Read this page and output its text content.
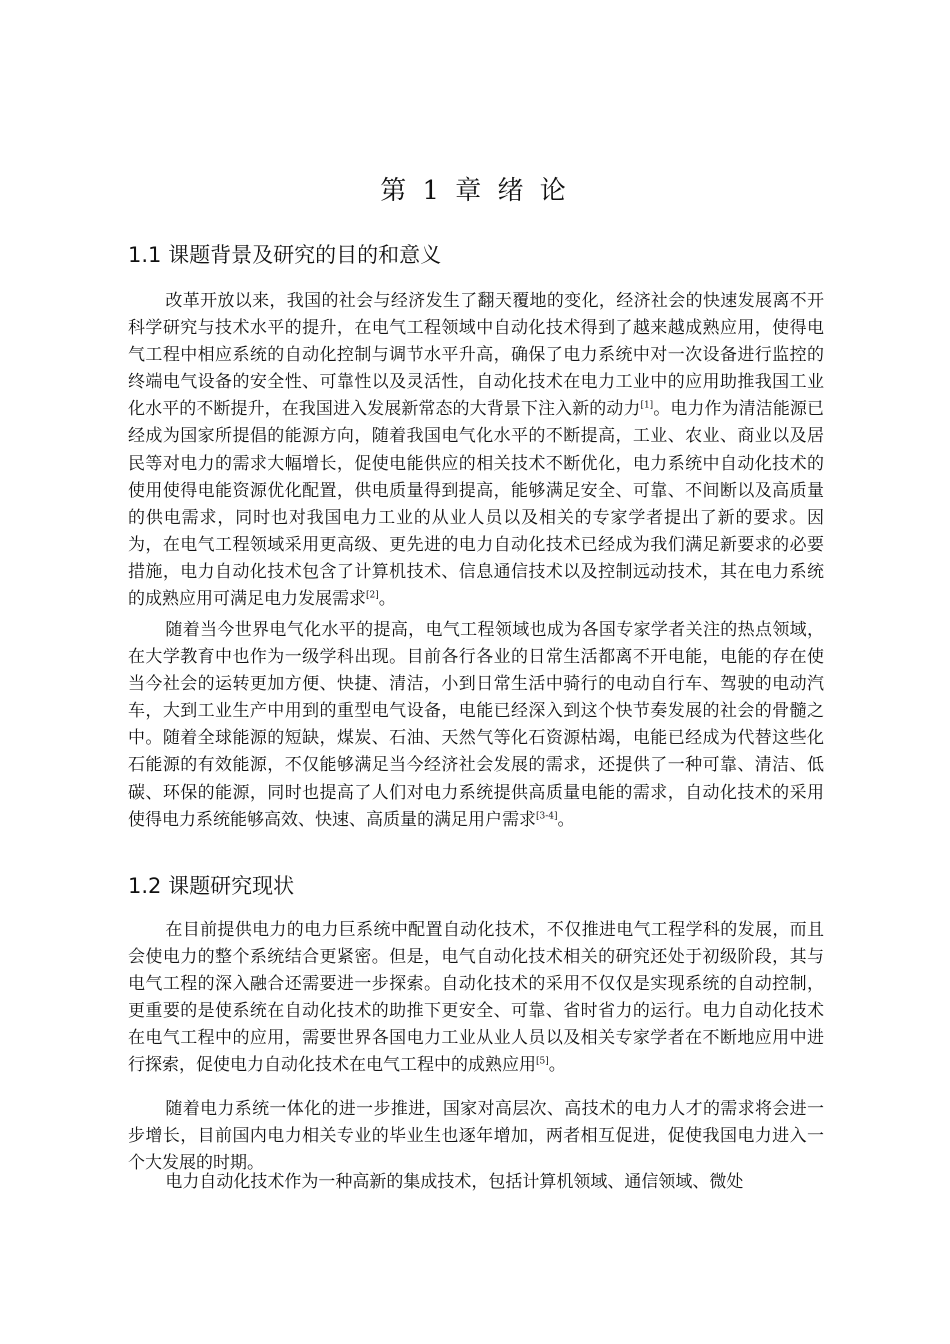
第 1 章 绪 论
1.1 课题背景及研究的目的和意义

改革开放以来，我国的社会与经济发生了翻天覆地的变化，经济社会的快速发展离不开科学研究与技术水平的提升，在电气工程领域中自动化技术得到了越来越成熟应用，使得电气工程中相应系统的自动化控制与调节水平升高，确保了电力系统中对一次设备进行监控的终端电气设备的安全性、可靠性以及灵活性，自动化技术在电力工业中的应用助推我国工业化水平的不断提升，在我国进入发展新常态的大背景下注入新的动力[1]。电力作为清洁能源已经成为国家所提倡的能源方向，随着我国电气化水平的不断提高，工业、农业、商业以及居民等对电力的需求大幅增长，促使电能供应的相关技术不断优化，电力系统中自动化技术的使用使得电能资源优化配置，供电质量得到提高，能够满足安全、可靠、不间断以及高质量的供电需求，同时也对我国电力工业的从业人员以及相关的专家学者提出了新的要求。因为，在电气工程领域采用更高级、更先进的电力自动化技术已经成为我们满足新要求的必要措施，电力自动化技术包含了计算机技术、信息通信技术以及控制远动技术，其在电力系统的成熟应用可满足电力发展需求[2]。

随着当今世界电气化水平的提高，电气工程领域也成为各国专家学者关注的热点领域，在大学教育中也作为一级学科出现。目前各行各业的日常生活都离不开电能，电能的存在使当今社会的运转更加方便、快捷、清洁，小到日常生活中骑行的电动自行车、驾驶的电动汽车，大到工业生产中用到的重型电气设备，电能已经深入到这个快节奏发展的社会的骨髓之中。随着全球能源的短缺，煤炭、石油、天然气等化石资源枯竭，电能已经成为代替这些化石能源的有效能源，不仅能够满足当今经济社会发展的需求，还提供了一种可靠、清洁、低碳、环保的能源，同时也提高了人们对电力系统提供高质量电能的需求，自动化技术的采用使得电力系统能够高效、快速、高质量的满足用户需求[3-4]。

1.2 课题研究现状

在目前提供电力的电力巨系统中配置自动化技术，不仅推进电气工程学科的发展，而且会使电力的整个系统结合更紧密。但是，电气自动化技术相关的研究还处于初级阶段，其与电气工程的深入融合还需要进一步探索。自动化技术的采用不仅仅是实现系统的自动控制，更重要的是使系统在自动化技术的助推下更安全、可靠、省时省力的运行。电力自动化技术在电气工程中的应用，需要世界各国电力工业从业人员以及相关专家学者在不断地应用中进行探索，促使电力自动化技术在电气工程中的成熟应用[5]。

随着电力系统一体化的进一步推进，国家对高层次、高技术的电力人才的需求将会进一步增长，目前国内电力相关专业的毕业生也逐年增加，两者相互促进，促使我国电力进入一个大发展的时期。

电力自动化技术作为一种高新的集成技术，包括计算机领域、通信领域、微处
